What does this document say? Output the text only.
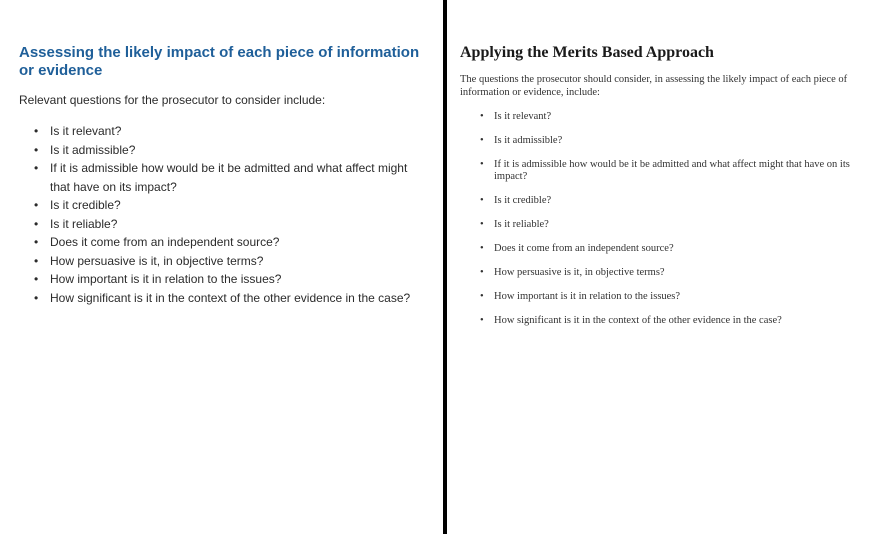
Assessing the likely impact of each piece of information or evidence

Relevant questions for the prosecutor to consider include:

• Is it relevant?
• Is it admissible?
• If it is admissible how would be it be admitted and what affect might that have on its impact?
• Is it credible?
• Is it reliable?
• Does it come from an independent source?
• How persuasive is it, in objective terms?
• How important is it in relation to the issues?
• How significant is it in the context of the other evidence in the case?
Applying the Merits Based Approach

The questions the prosecutor should consider, in assessing the likely impact of each piece of information or evidence, include:

• Is it relevant?
• Is it admissible?
• If it is admissible how would be it be admitted and what affect might that have on its impact?
• Is it credible?
• Is it reliable?
• Does it come from an independent source?
• How persuasive is it, in objective terms?
• How important is it in relation to the issues?
• How significant is it in the context of the other evidence in the case?
